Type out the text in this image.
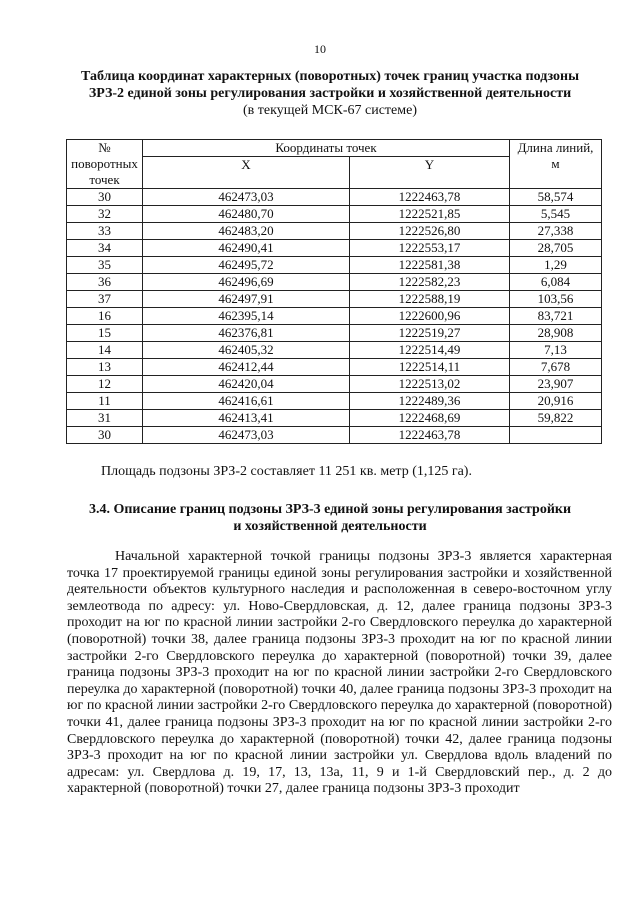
10
Таблица координат характерных (поворотных) точек границ участка подзоны
ЗРЗ-2 единой зоны регулирования застройки и хозяйственной деятельности
(в текущей МСК-67 системе)
№
поворотных
точек	Координаты точек		Длина линий, м
	X	Y	
30	462473,03	1222463,78	58,574
32	462480,70	1222521,85	5,545
33	462483,20	1222526,80	27,338
34	462490,41	1222553,17	28,705
35	462495,72	1222581,38	1,29
36	462496,69	1222582,23	6,084
37	462497,91	1222588,19	103,56
16	462395,14	1222600,96	83,721
15	462376,81	1222519,27	28,908
14	462405,32	1222514,49	7,13
13	462412,44	1222514,11	7,678
12	462420,04	1222513,02	23,907
11	462416,61	1222489,36	20,916
31	462413,41	1222468,69	59,822
30	462473,03	1222463,78	
Площадь подзоны ЗРЗ-2 составляет 11 251 кв. метр (1,125 га).
3.4. Описание границ подзоны ЗРЗ-3 единой зоны регулирования застройки
и хозяйственной деятельности
Начальной характерной точкой границы подзоны ЗРЗ-3 является характерная точка 17 проектируемой границы единой зоны регулирования застройки и хозяйственной деятельности объектов культурного наследия и расположенная в северо-восточном углу землеотвода по адресу: ул. Ново-Свердловская, д. 12, далее граница подзоны ЗРЗ-3 проходит на юг по красной линии застройки 2-го Свердловского переулка до характерной (поворотной) точки 38, далее граница подзоны ЗРЗ-3 проходит на юг по красной линии застройки 2-го Свердловского переулка до характерной (поворотной) точки 39, далее граница подзоны ЗРЗ-3 проходит на юг по красной линии застройки 2-го Свердловского переулка до характерной (поворотной) точки 40, далее граница подзоны ЗРЗ-3 проходит на юг по красной линии застройки 2-го Свердловского переулка до характерной (поворотной) точки 41, далее граница подзоны ЗРЗ-3 проходит на юг по красной линии застройки 2-го Свердловского переулка до характерной (поворотной) точки 42, далее граница подзоны ЗРЗ-3 проходит на юг по красной линии застройки ул. Свердлова вдоль владений по адресам: ул. Свердлова д. 19, 17, 13, 13а, 11, 9 и 1-й Свердловский пер., д. 2 до характерной (поворотной) точки 27, далее граница подзоны ЗРЗ-3 проходит
